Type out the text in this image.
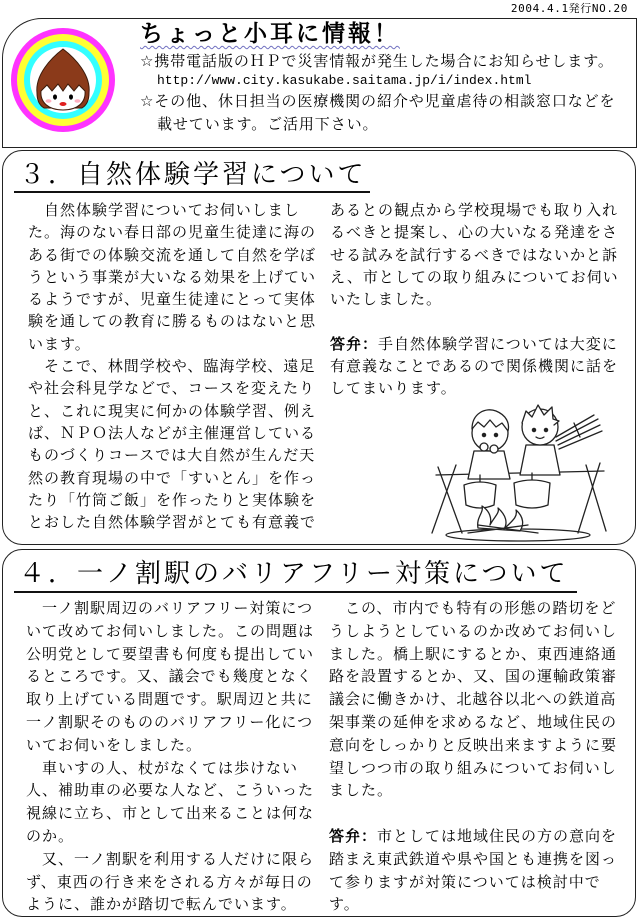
2004.4.1発行NO.20
ちょっと小耳に情報！
☆携帯電話版のＨＰで災害情報が発生した場合にお知らせします。
http://www.city.kasukabe.saitama.jp/i/index.html
☆その他、休日担当の医療機関の紹介や児童虐待の相談窓口などを
載せています。ご活用下さい。
３．自然体験学習について
自然体験学習についてお伺いしまし
た。海のない春日部の児童生徒達に海の
ある街での体験交流を通して自然を学ぼ
うという事業が大いなる効果を上げてい
るようですが、児童生徒達にとって実体
験を通しての教育に勝るものはないと思
います。
そこで、林間学校や、臨海学校、遠足
や社会科見学などで、コースを変えたり
と、これに現実に何かの体験学習、例え
ば、ＮＰＯ法人などが主催運営している
ものづくりコースでは大自然が生んだ天
然の教育現場の中で「すいとん」を作っ
たり「竹筒ご飯」を作ったりと実体験を
とおした自然体験学習がとても有意義で
あるとの観点から学校現場でも取り入れ
るべきと提案し、心の大いなる発達をさ
せる試みを試行するべきではないかと訴
え、市としての取り組みについてお伺い
いたしました。
答弁：手自然体験学習については大変に
有意義なことであるので関係機関に話を
してまいります。
４．一ノ割駅のバリアフリー対策について
一ノ割駅周辺のバリアフリー対策につ
いて改めてお伺いしました。この問題は
公明党として要望書も何度も提出してい
るところです。又、議会でも幾度となく
取り上げている問題です。駅周辺と共に
一ノ割駅そのもののバリアフリー化につ
いてお伺いをしました。
車いすの人、杖がなくては歩けない
人、補助車の必要な人など、こういった
視線に立ち、市として出来ることは何な
のか。
又、一ノ割駅を利用する人だけに限ら
ず、東西の行き来をされる方々が毎日の
ように、誰かが踏切で転んでいます。
この、市内でも特有の形態の踏切をど
うしようとしているのか改めてお伺いし
ました。橋上駅にするとか、東西連絡通
路を設置するとか、又、国の運輸政策審
議会に働きかけ、北越谷以北への鉄道高
架事業の延伸を求めるなど、地域住民の
意向をしっかりと反映出来ますように要
望しつつ市の取り組みについてお伺いし
ました。
答弁：市としては地域住民の方の意向を
踏まえ東武鉄道や県や国とも連携を図っ
て参りますが対策については検討中で
す。
